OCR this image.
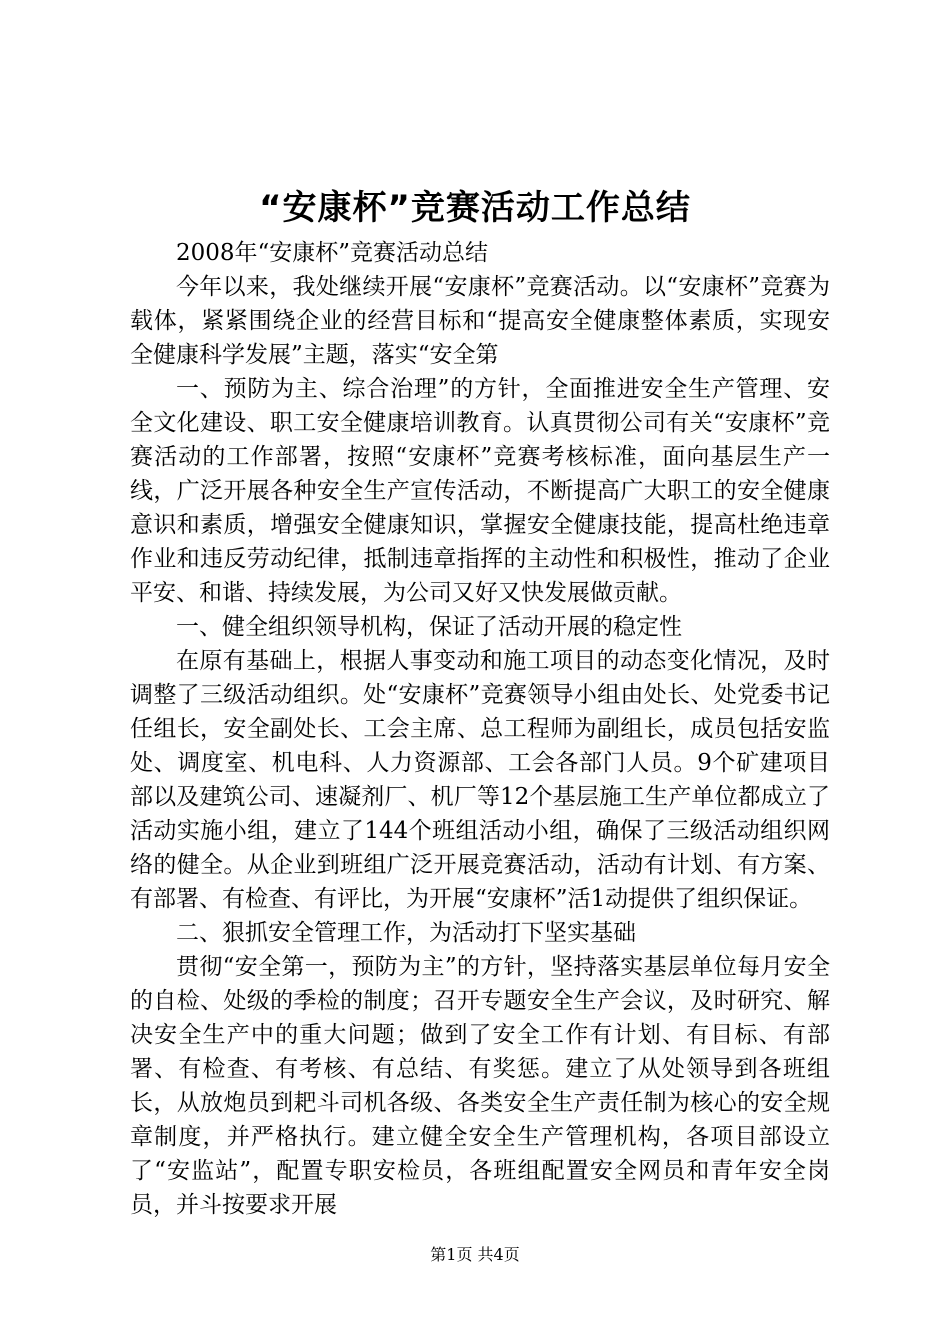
“安康杯”竞赛活动工作总结

2008年“安康杯”竞赛活动总结

今年以来，我处继续开展“安康杯”竞赛活动。以“安康杯”竞赛为载体，紧紧围绕企业的经营目标和“提高安全健康整体素质，实现安全健康科学发展”主题，落实“安全第

一、预防为主、综合治理”的方针，全面推进安全生产管理、安全文化建设、职工安全健康培训教育。认真贯彻公司有关“安康杯”竞赛活动的工作部署，按照“安康杯”竞赛考核标准，面向基层生产一线，广泛开展各种安全生产宣传活动，不断提高广大职工的安全健康意识和素质，增强安全健康知识，掌握安全健康技能，提高杜绝违章作业和违反劳动纪律，抵制违章指挥的主动性和积极性，推动了企业平安、和谐、持续发展，为公司又好又快发展做贡献。

一、健全组织领导机构，保证了活动开展的稳定性

在原有基础上，根据人事变动和施工项目的动态变化情况，及时调整了三级活动组织。处“安康杯”竞赛领导小组由处长、处党委书记任组长，安全副处长、工会主席、总工程师为副组长，成员包括安监处、调度室、机电科、人力资源部、工会各部门人员。9个矿建项目部以及建筑公司、速凝剂厂、机厂等12个基层施工生产单位都成立了活动实施小组，建立了144个班组活动小组，确保了三级活动组织网络的健全。从企业到班组广泛开展竞赛活动，活动有计划、有方案、有部署、有检查、有评比，为开展“安康杯”活1动提供了组织保证。

二、狠抓安全管理工作，为活动打下坚实基础

贯彻“安全第一，预防为主”的方针，坚持落实基层单位每月安全的自检、处级的季检的制度；召开专题安全生产会议，及时研究、解决安全生产中的重大问题；做到了安全工作有计划、有目标、有部署、有检查、有考核、有总结、有奖惩。建立了从处领导到各班组长，从放炮员到耙斗司机各级、各类安全生产责任制为核心的安全规章制度，并严格执行。建立健全安全生产管理机构，各项目部设立了“安监站”，配置专职安检员，各班组配置安全网员和青年安全岗员，并斗按要求开展

第1页 共4页
